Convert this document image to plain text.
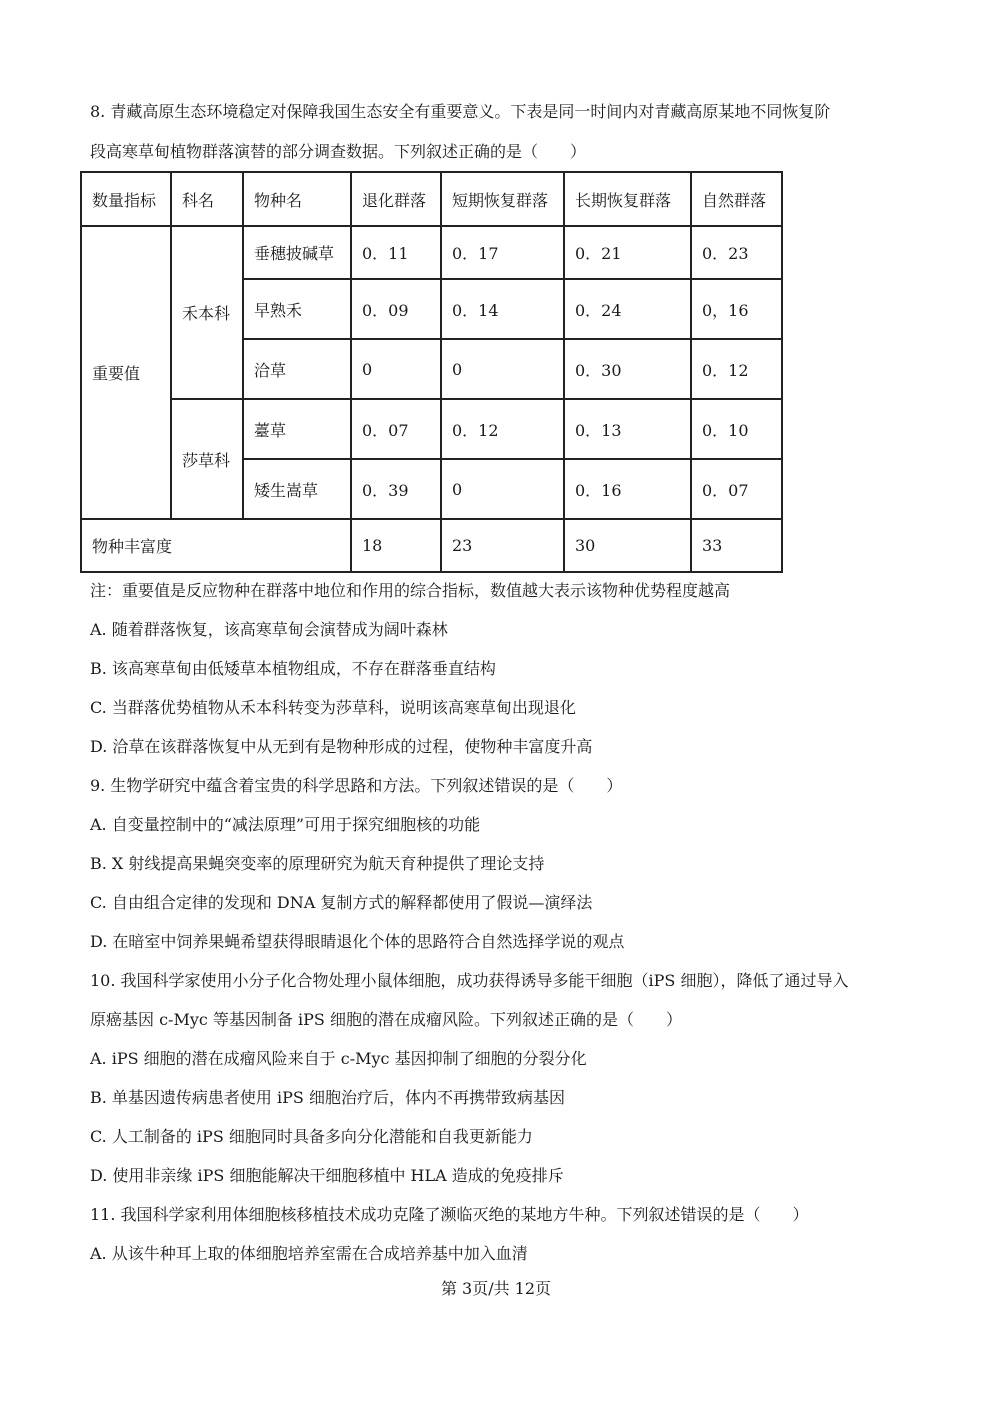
8. 青藏高原生态环境稳定对保障我国生态安全有重要意义。下表是同一时间内对青藏高原某地不同恢复阶
段高寒草甸植物群落演替的部分调查数据。下列叙述正确的是（　　）
数量指标	科名	物种名	退化群落	短期恢复群落	长期恢复群落	自然群落
重要值	禾本科	垂穗披碱草	0．11	0．17	0．21	0．23
		早熟禾	0．09	0．14	0．24	0，16
		洽草	0	0	0．30	0．12
	莎草科	薹草	0．07	0．12	0．13	0．10
		矮生嵩草	0．39	0	0．16	0．07
物种丰富度			18	23	30	33
注：重要值是反应物种在群落中地位和作用的综合指标，数值越大表示该物种优势程度越高
A. 随着群落恢复，该高寒草甸会演替成为阔叶森林
B. 该高寒草甸由低矮草本植物组成，不存在群落垂直结构
C. 当群落优势植物从禾本科转变为莎草科，说明该高寒草甸出现退化
D. 洽草在该群落恢复中从无到有是物种形成的过程，使物种丰富度升高
9. 生物学研究中蕴含着宝贵的科学思路和方法。下列叙述错误的是（　　）
A. 自变量控制中的“减法原理”可用于探究细胞核的功能
B. X 射线提高果蝇突变率的原理研究为航天育种提供了理论支持
C. 自由组合定律的发现和 DNA 复制方式的解释都使用了假说—演绎法
D. 在暗室中饲养果蝇希望获得眼睛退化个体的思路符合自然选择学说的观点
10. 我国科学家使用小分子化合物处理小鼠体细胞，成功获得诱导多能干细胞（iPS 细胞），降低了通过导入
原癌基因 c-Myc 等基因制备 iPS 细胞的潜在成瘤风险。下列叙述正确的是（　　）
A. iPS 细胞的潜在成瘤风险来自于 c-Myc 基因抑制了细胞的分裂分化
B. 单基因遗传病患者使用 iPS 细胞治疗后，体内不再携带致病基因
C. 人工制备的 iPS 细胞同时具备多向分化潜能和自我更新能力
D. 使用非亲缘 iPS 细胞能解决干细胞移植中 HLA 造成的免疫排斥
11. 我国科学家利用体细胞核移植技术成功克隆了濒临灭绝的某地方牛种。下列叙述错误的是（　　）
A. 从该牛种耳上取的体细胞培养室需在合成培养基中加入血清
第 3页/共 12页
